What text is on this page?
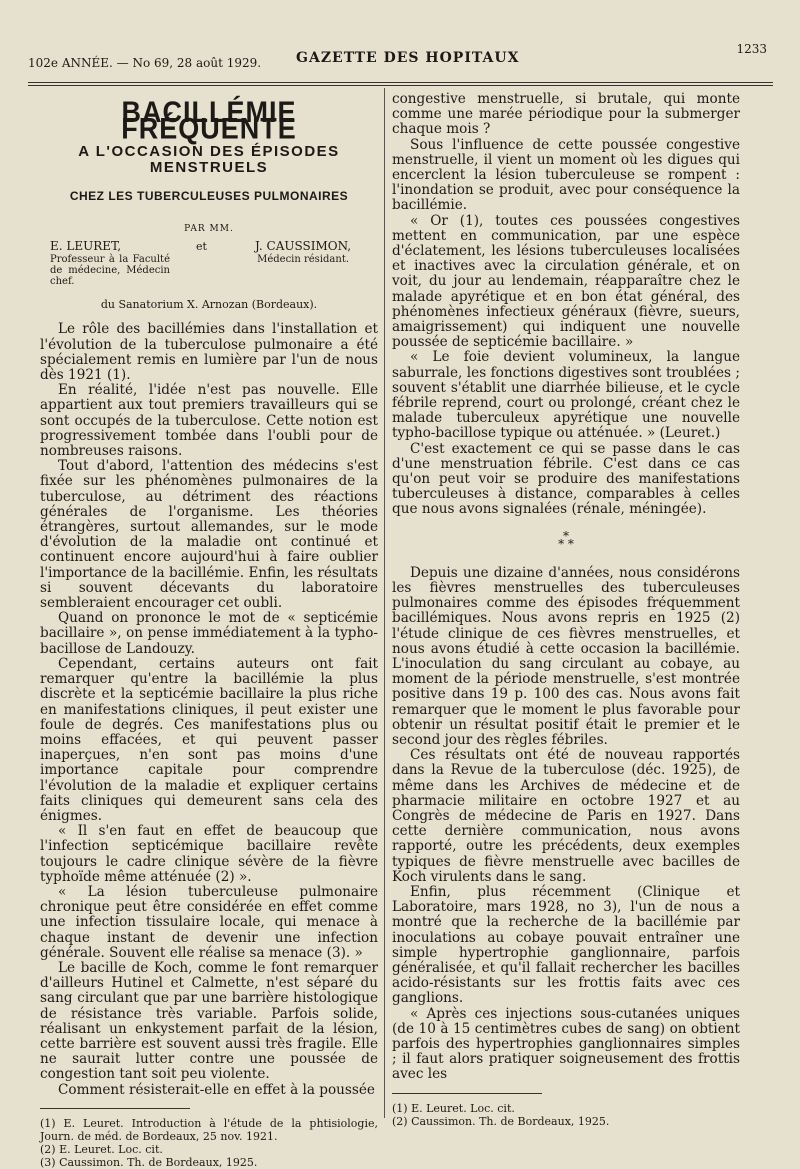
102e ANNÉE. — No 69, 28 août 1929. GAZETTE DES HOPITAUX
1233
BACILLÉMIE FRÉQUENTE
A L'OCCASION DES ÉPISODES MENSTRUELS
CHEZ LES TUBERCULEUSES PULMONAIRES
PAR MM.
E. LEURET,
Professeur à la Faculté de médecine, Médecin chef.
et	J. CAUSSIMON,
Médecin résidant.
du Sanatorium X. Arnozan (Bordeaux).

Le rôle des bacillémies dans l'installation et l'évolution de la tuberculose pulmonaire a été spécialement remis en lumière par l'un de nous dès 1921 (1).

En réalité, l'idée n'est pas nouvelle. Elle appartient aux tout premiers travailleurs qui se sont occupés de la tuberculose. Cette notion est progressivement tombée dans l'oubli pour de nombreuses raisons.

Tout d'abord, l'attention des médecins s'est fixée sur les phénomènes pulmonaires de la tuberculose, au détriment des réactions générales de l'organisme. Les théories étrangères, surtout allemandes, sur le mode d'évolution de la maladie ont continué et continuent encore aujourd'hui à faire oublier l'importance de la bacillémie. Enfin, les résultats si souvent décevants du laboratoire sembleraient encourager cet oubli.

Quand on prononce le mot de « septicémie bacillaire », on pense immédiatement à la typho-bacillose de Landouzy.

Cependant, certains auteurs ont fait remarquer qu'entre la bacillémie la plus discrète et la septicémie bacillaire la plus riche en manifestations cliniques, il peut exister une foule de degrés. Ces manifestations plus ou moins effacées, et qui peuvent passer inaperçues, n'en sont pas moins d'une importance capitale pour comprendre l'évolution de la maladie et expliquer certains faits cliniques qui demeurent sans cela des énigmes.

« Il s'en faut en effet de beaucoup que l'infection septicémique bacillaire revête toujours le cadre clinique sévère de la fièvre typhoïde même atténuée (2) ».

« La lésion tuberculeuse pulmonaire chronique peut être considérée en effet comme une infection tissulaire locale, qui menace à chaque instant de devenir une infection générale. Souvent elle réalise sa menace (3). »

Le bacille de Koch, comme le font remarquer d'ailleurs Hutinel et Calmette, n'est séparé du sang circulant que par une barrière histologique de résistance très variable. Parfois solide, réalisant un enkystement parfait de la lésion, cette barrière est souvent aussi très fragile. Elle ne saurait lutter contre une poussée de congestion tant soit peu violente.

Comment résisterait-elle en effet à la poussée

(1) E. Leuret. Introduction à l'étude de la phtisiologie, Journ. de méd. de Bordeaux, 25 nov. 1921.

(2) E. Leuret. Loc. cit.

(3) Caussimon. Th. de Bordeaux, 1925.

congestive menstruelle, si brutale, qui monte comme une marée périodique pour la submerger chaque mois ?

Sous l'influence de cette poussée congestive menstruelle, il vient un moment où les digues qui encerclent la lésion tuberculeuse se rompent : l'inondation se produit, avec pour conséquence la bacillémie.

« Or (1), toutes ces poussées congestives mettent en communication, par une espèce d'éclatement, les lésions tuberculeuses localisées et inactives avec la circulation générale, et on voit, du jour au lendemain, réapparaître chez le malade apyrétique et en bon état général, des phénomènes infectieux généraux (fièvre, sueurs, amaigrissement) qui indiquent une nouvelle poussée de septicémie bacillaire. »

« Le foie devient volumineux, la langue saburrale, les fonctions digestives sont troublées ; souvent s'établit une diarrhée bilieuse, et le cycle fébrile reprend, court ou prolongé, créant chez le malade tuberculeux apyrétique une nouvelle typho-bacillose typique ou atténuée. » (Leuret.)

C'est exactement ce qui se passe dans le cas d'une menstruation fébrile. C'est dans ce cas qu'on peut voir se produire des manifestations tuberculeuses à distance, comparables à celles que nous avons signalées (rénale, méningée).

*
* *

Depuis une dizaine d'années, nous considérons les fièvres menstruelles des tuberculeuses pulmonaires comme des épisodes fréquemment bacillémiques. Nous avons repris en 1925 (2) l'étude clinique de ces fièvres menstruelles, et nous avons étudié à cette occasion la bacillémie. L'inoculation du sang circulant au cobaye, au moment de la période menstruelle, s'est montrée positive dans 19 p. 100 des cas. Nous avons fait remarquer que le moment le plus favorable pour obtenir un résultat positif était le premier et le second jour des règles fébriles.

Ces résultats ont été de nouveau rapportés dans la Revue de la tuberculose (déc. 1925), de même dans les Archives de médecine et de pharmacie militaire en octobre 1927 et au Congrès de médecine de Paris en 1927. Dans cette dernière communication, nous avons rapporté, outre les précédents, deux exemples typiques de fièvre menstruelle avec bacilles de Koch virulents dans le sang.

Enfin, plus récemment (Clinique et Laboratoire, mars 1928, no 3), l'un de nous a montré que la recherche de la bacillémie par inoculations au cobaye pouvait entraîner une simple hypertrophie ganglionnaire, parfois généralisée, et qu'il fallait rechercher les bacilles acido-résistants sur les frottis faits avec ces ganglions.

« Après ces injections sous-cutanées uniques (de 10 à 15 centimètres cubes de sang) on obtient parfois des hypertrophies ganglionnaires simples ; il faut alors pratiquer soigneusement des frottis avec les

(1) E. Leuret. Loc. cit.

(2) Caussimon. Th. de Bordeaux, 1925.
